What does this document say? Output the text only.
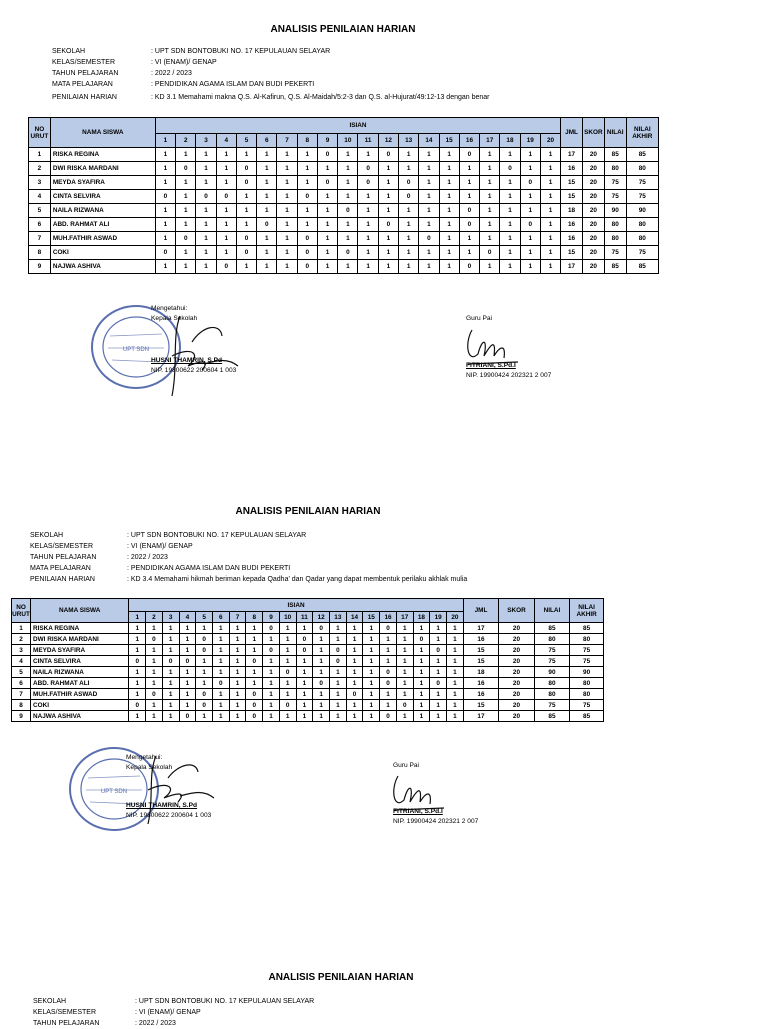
ANALISIS PENILAIAN HARIAN
SEKOLAH	: UPT SDN BONTOBUKI NO. 17 KEPULAUAN SELAYAR
KELAS/SEMESTER	: VI (ENAM)/ GENAP
TAHUN PELAJARAN	: 2022 / 2023
MATA PELAJARAN	: PENDIDIKAN AGAMA ISLAM DAN BUDI PEKERTI
PENILAIAN HARIAN	: KD 3.1 Memahami makna Q.S. Al-Kafirun, Q.S. Al-Maidah/5:2-3 dan Q.S. al-Hujurat/49:12-13 dengan benar
NO URUT	NAMA SISWA	ISIAN																				JML	SKOR	NILAI	NILAI AKHIR
		1	2	3	4	5	6	7	8	9	10	11	12	13	14	15	16	17	18	19	20				
1	RISKA REGINA	1	1	1	1	1	1	1	1	0	1	1	0	1	1	1	0	1	1	1	1	17	20	85	85
2	DWI RISKA MARDANI	1	0	1	1	0	1	1	1	1	1	0	1	1	1	1	1	1	0	1	1	16	20	80	80
3	MEYDA SYAFIRA	1	1	1	1	0	1	1	1	0	1	0	1	0	1	1	1	1	1	0	1	15	20	75	75
4	CINTA SELVIRA	0	1	0	0	1	1	1	0	1	1	1	1	0	1	1	1	1	1	1	1	15	20	75	75
5	NAILA RIZWANA	1	1	1	1	1	1	1	1	1	0	1	1	1	1	1	0	1	1	1	1	18	20	90	90
6	ABD. RAHMAT ALI	1	1	1	1	1	0	1	1	1	1	1	0	1	1	1	0	1	1	0	1	16	20	80	80
7	MUH.FATHIR ASWAD	1	0	1	1	0	1	1	0	1	1	1	1	1	0	1	1	1	1	1	1	16	20	80	80
8	COKI	0	1	1	1	0	1	1	0	1	0	1	1	1	1	1	1	0	1	1	1	15	20	75	75
9	NAJWA ASHIVA	1	1	1	0	1	1	1	0	1	1	1	1	1	1	1	0	1	1	1	1	17	20	85	85
UPT SDN
Mengetahui:
Kepala Sekolah
HUSNI THAMRIN, S.Pd
NIP. 19800622 200604 1 003
Guru Pai
FITRIANI, S.Pd.I
NIP. 19900424 202321 2 007
ANALISIS PENILAIAN HARIAN
SEKOLAH	: UPT SDN BONTOBUKI NO. 17 KEPULAUAN SELAYAR
KELAS/SEMESTER	: VI (ENAM)/ GENAP
TAHUN PELAJARAN	: 2022 / 2023
MATA PELAJARAN	: PENDIDIKAN AGAMA ISLAM DAN BUDI PEKERTI
PENILAIAN HARIAN	: KD 3.4 Memahami hikmah beriman kepada Qadha' dan Qadar yang dapat membentuk perilaku akhlak mulia
NO URUT	NAMA SISWA	ISIAN																				JML	SKOR	NILAI	NILAI AKHIR
		1	2	3	4	5	6	7	8	9	10	11	12	13	14	15	16	17	18	19	20				
1	RISKA REGINA	1	1	1	1	1	1	1	1	0	1	1	0	1	1	1	0	1	1	1	1	17	20	85	85
2	DWI RISKA MARDANI	1	0	1	1	0	1	1	1	1	1	0	1	1	1	1	1	1	0	1	1	16	20	80	80
3	MEYDA SYAFIRA	1	1	1	1	0	1	1	1	0	1	0	1	0	1	1	1	1	1	0	1	15	20	75	75
4	CINTA SELVIRA	0	1	0	0	1	1	1	0	1	1	1	1	0	1	1	1	1	1	1	1	15	20	75	75
5	NAILA RIZWANA	1	1	1	1	1	1	1	1	1	0	1	1	1	1	1	0	1	1	1	1	18	20	90	90
6	ABD. RAHMAT ALI	1	1	1	1	1	0	1	1	1	1	1	0	1	1	1	0	1	1	0	1	16	20	80	80
7	MUH.FATHIR ASWAD	1	0	1	1	0	1	1	0	1	1	1	1	1	0	1	1	1	1	1	1	16	20	80	80
8	COKI	0	1	1	1	0	1	1	0	1	0	1	1	1	1	1	1	0	1	1	1	15	20	75	75
9	NAJWA ASHIVA	1	1	1	0	1	1	1	0	1	1	1	1	1	1	1	0	1	1	1	1	17	20	85	85
UPT SDN
Mengetahui:
Kepala Sekolah
HUSNI THAMRIN, S.Pd
NIP. 19800622 200604 1 003
Guru Pai
FITRIANI, S.Pd.I
NIP. 19900424 202321 2 007
ANALISIS PENILAIAN HARIAN
SEKOLAH	: UPT SDN BONTOBUKI NO. 17 KEPULAUAN SELAYAR
KELAS/SEMESTER	: VI (ENAM)/ GENAP
TAHUN PELAJARAN	: 2022 / 2023
